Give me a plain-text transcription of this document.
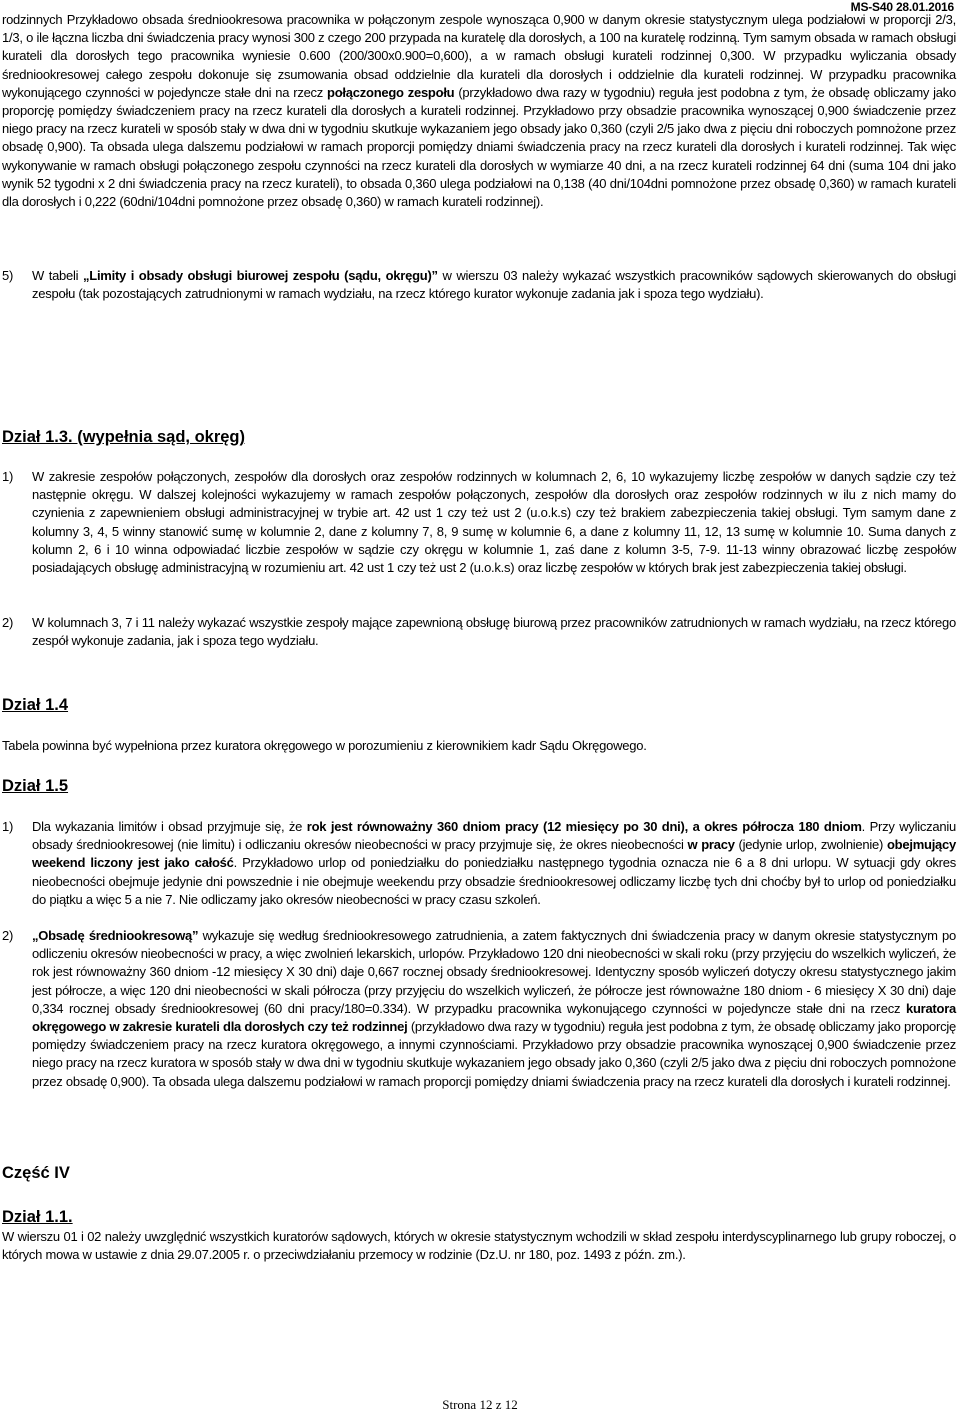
MS-S40 28.01.2016

rodzinnych Przykładowo obsada średniookresowa pracownika w połączonym zespole wynosząca 0,900 w danym okresie statystycznym ulega podziałowi w proporcji 2/3, 1/3, o ile łączna liczba dni świadczenia pracy wynosi 300 z czego 200 przypada na kuratelę dla dorosłych, a 100 na kuratelę rodzinną. Tym samym obsada w ramach obsługi kurateli dla dorosłych tego pracownika wyniesie 0.600 (200/300x0.900=0,600), a w ramach obsługi kurateli rodzinnej 0,300. W przypadku wyliczania obsady średniookresowej całego zespołu dokonuje się zsumowania obsad oddzielnie dla kurateli dla dorosłych i oddzielnie dla kurateli rodzinnej. W przypadku pracownika wykonującego czynności w pojedyncze stałe dni na rzecz połączonego zespołu (przykładowo dwa razy w tygodniu) reguła jest podobna z tym, że obsadę obliczamy jako proporcję pomiędzy świadczeniem pracy na rzecz kurateli dla dorosłych a kurateli rodzinnej. Przykładowo przy obsadzie pracownika wynoszącej 0,900 świadczenie przez niego pracy na rzecz kurateli w sposób stały w dwa dni w tygodniu skutkuje wykazaniem jego obsady jako 0,360 (czyli 2/5 jako dwa z pięciu dni roboczych pomnożone przez obsadę 0,900). Ta obsada ulega dalszemu podziałowi w ramach proporcji pomiędzy dniami świadczenia pracy na rzecz kurateli dla dorosłych i kurateli rodzinnej. Tak więc wykonywanie w ramach obsługi połączonego zespołu czynności na rzecz kurateli dla dorosłych w wymiarze 40 dni, a na rzecz kurateli rodzinnej 64 dni (suma 104 dni jako wynik 52 tygodni x 2 dni świadczenia pracy na rzecz kurateli), to obsada 0,360 ulega podziałowi na 0,138 (40 dni/104dni pomnożone przez obsadę 0,360) w ramach kurateli dla dorosłych i 0,222 (60dni/104dni pomnożone przez obsadę 0,360) w ramach kurateli rodzinnej).

5) W tabeli „Limity i obsady obsługi biurowej zespołu (sądu, okręgu)” w wierszu 03 należy wykazać wszystkich pracowników sądowych skierowanych do obsługi zespołu (tak pozostających zatrudnionymi w ramach wydziału, na rzecz którego kurator wykonuje zadania jak i spoza tego wydziału).
Dział 1.3. (wypełnia sąd, okręg)
1) W zakresie zespołów połączonych, zespołów dla dorosłych oraz zespołów rodzinnych w kolumnach 2, 6, 10 wykazujemy liczbę zespołów w danych sądzie czy też następnie okręgu. W dalszej kolejności wykazujemy w ramach zespołów połączonych, zespołów dla dorosłych oraz zespołów rodzinnych w ilu z nich mamy do czynienia z zapewnieniem obsługi administracyjnej w trybie art. 42 ust 1 czy też ust 2 (u.o.k.s) czy też brakiem zabezpieczenia takiej obsługi. Tym samym dane z kolumny 3, 4, 5 winny stanowić sumę w kolumnie 2, dane z kolumny 7, 8, 9 sumę w kolumnie 6, a dane z kolumny 11, 12, 13 sumę w kolumnie 10. Suma danych z kolumn 2, 6 i 10 winna odpowiadać liczbie zespołów w sądzie czy okręgu w kolumnie 1, zaś dane z kolumn 3-5, 7-9. 11-13 winny obrazować liczbę zespołów posiadających obsługę administracyjną w rozumieniu art. 42 ust 1 czy też ust 2 (u.o.k.s) oraz liczbę zespołów w których brak jest zabezpieczenia takiej obsługi.
2) W kolumnach 3, 7 i 11 należy wykazać wszystkie zespoły mające zapewnioną obsługę biurową przez pracowników zatrudnionych w ramach wydziału, na rzecz którego zespół wykonuje zadania, jak i spoza tego wydziału.
Dział 1.4

Tabela powinna być wypełniona przez kuratora okręgowego w porozumieniu z kierownikiem kadr Sądu Okręgowego.

Dział 1.5
1) Dla wykazania limitów i obsad przyjmuje się, że rok jest równoważny 360 dniom pracy (12 miesięcy po 30 dni), a okres półrocza 180 dniom. Przy wyliczaniu obsady średniookresowej (nie limitu) i odliczaniu okresów nieobecności w pracy przyjmuje się, że okres nieobecności w pracy (jedynie urlop, zwolnienie) obejmujący weekend liczony jest jako całość. Przykładowo urlop od poniedziałku do poniedziałku następnego tygodnia oznacza nie 6 a 8 dni urlopu. W sytuacji gdy okres nieobecności obejmuje jedynie dni powszednie i nie obejmuje weekendu przy obsadzie średniookresowej odliczamy liczbę tych dni choćby był to urlop od poniedziałku do piątku a więc 5 a nie 7. Nie odliczamy jako okresów nieobecności w pracy czasu szkoleń.
2) „Obsadę średniookresową” wykazuje się według średniookresowego zatrudnienia, a zatem faktycznych dni świadczenia pracy w danym okresie statystycznym po odliczeniu okresów nieobecności w pracy, a więc zwolnień lekarskich, urlopów. Przykładowo 120 dni nieobecności w skali roku (przy przyjęciu do wszelkich wyliczeń, że rok jest równoważny 360 dniom -12 miesięcy X 30 dni) daje 0,667 rocznej obsady średniookresowej. Identyczny sposób wyliczeń dotyczy okresu statystycznego jakim jest półrocze, a więc 120 dni nieobecności w skali półrocza (przy przyjęciu do wszelkich wyliczeń, że półrocze jest równoważne 180 dniom - 6 miesięcy X 30 dni) daje 0,334 rocznej obsady średniookresowej (60 dni pracy/180=0.334). W przypadku pracownika wykonującego czynności w pojedyncze stałe dni na rzecz kuratora okręgowego w zakresie kurateli dla dorosłych czy też rodzinnej (przykładowo dwa razy w tygodniu) reguła jest podobna z tym, że obsadę obliczamy jako proporcję pomiędzy świadczeniem pracy na rzecz kuratora okręgowego, a innymi czynnościami. Przykładowo przy obsadzie pracownika wynoszącej 0,900 świadczenie przez niego pracy na rzecz kuratora w sposób stały w dwa dni w tygodniu skutkuje wykazaniem jego obsady jako 0,360 (czyli 2/5 jako dwa z pięciu dni roboczych pomnożone przez obsadę 0,900). Ta obsada ulega dalszemu podziałowi w ramach proporcji pomiędzy dniami świadczenia pracy na rzecz kurateli dla dorosłych i kurateli rodzinnej.
Część IV
Dział 1.1.

W wierszu 01 i 02 należy uwzględnić wszystkich kuratorów sądowych, których w okresie statystycznym wchodzili w skład zespołu interdyscyplinarnego lub grupy roboczej, o których mowa w ustawie z dnia 29.07.2005 r. o przeciwdziałaniu przemocy w rodzinie (Dz.U. nr 180, poz. 1493 z późn. zm.).

Strona 12 z 12
